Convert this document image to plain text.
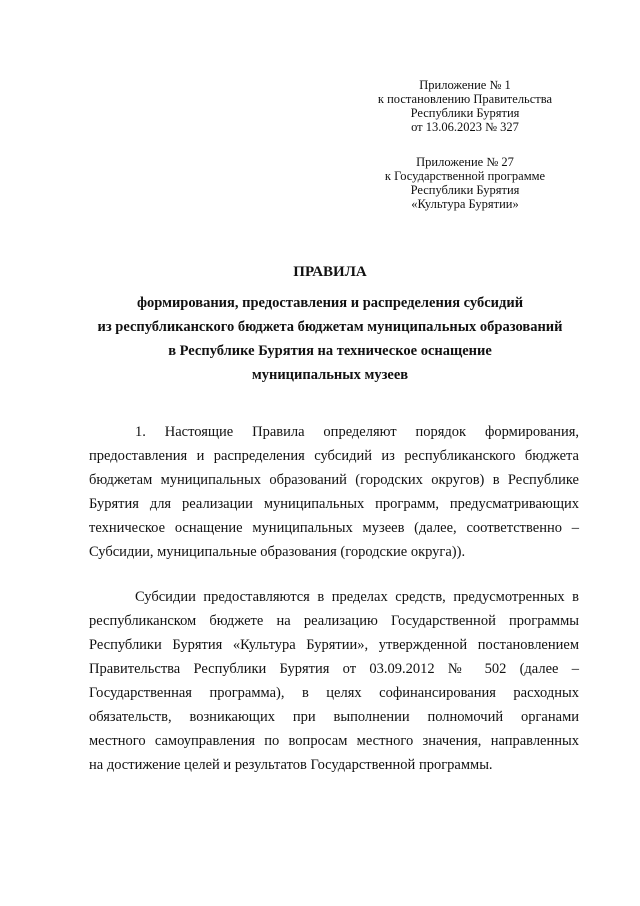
Приложение № 1
к постановлению Правительства
Республики Бурятия
от 13.06.2023 № 327
Приложение № 27
к Государственной программе
Республики Бурятия
«Культура Бурятии»
ПРАВИЛА
формирования, предоставления и распределения субсидий
из республиканского бюджета бюджетам муниципальных образований
в Республике Бурятия на техническое оснащение
муниципальных музеев
1. Настоящие Правила определяют порядок формирования,
предоставления и распределения субсидий из республиканского бюджета
бюджетам муниципальных образований (городских округов) в Республике
Бурятия для реализации муниципальных программ, предусматривающих
техническое оснащение муниципальных музеев (далее, соответственно –
Субсидии, муниципальные образования (городские округа)).
Субсидии предоставляются в пределах средств, предусмотренных в
республиканском бюджете на реализацию Государственной программы
Республики Бурятия «Культура Бурятии», утвержденной постановлением
Правительства Республики Бурятия от 03.09.2012 № 502 (далее –
Государственная программа), в целях софинансирования расходных
обязательств, возникающих при выполнении полномочий органами
местного самоуправления по вопросам местного значения, направленных
на достижение целей и результатов Государственной программы.
